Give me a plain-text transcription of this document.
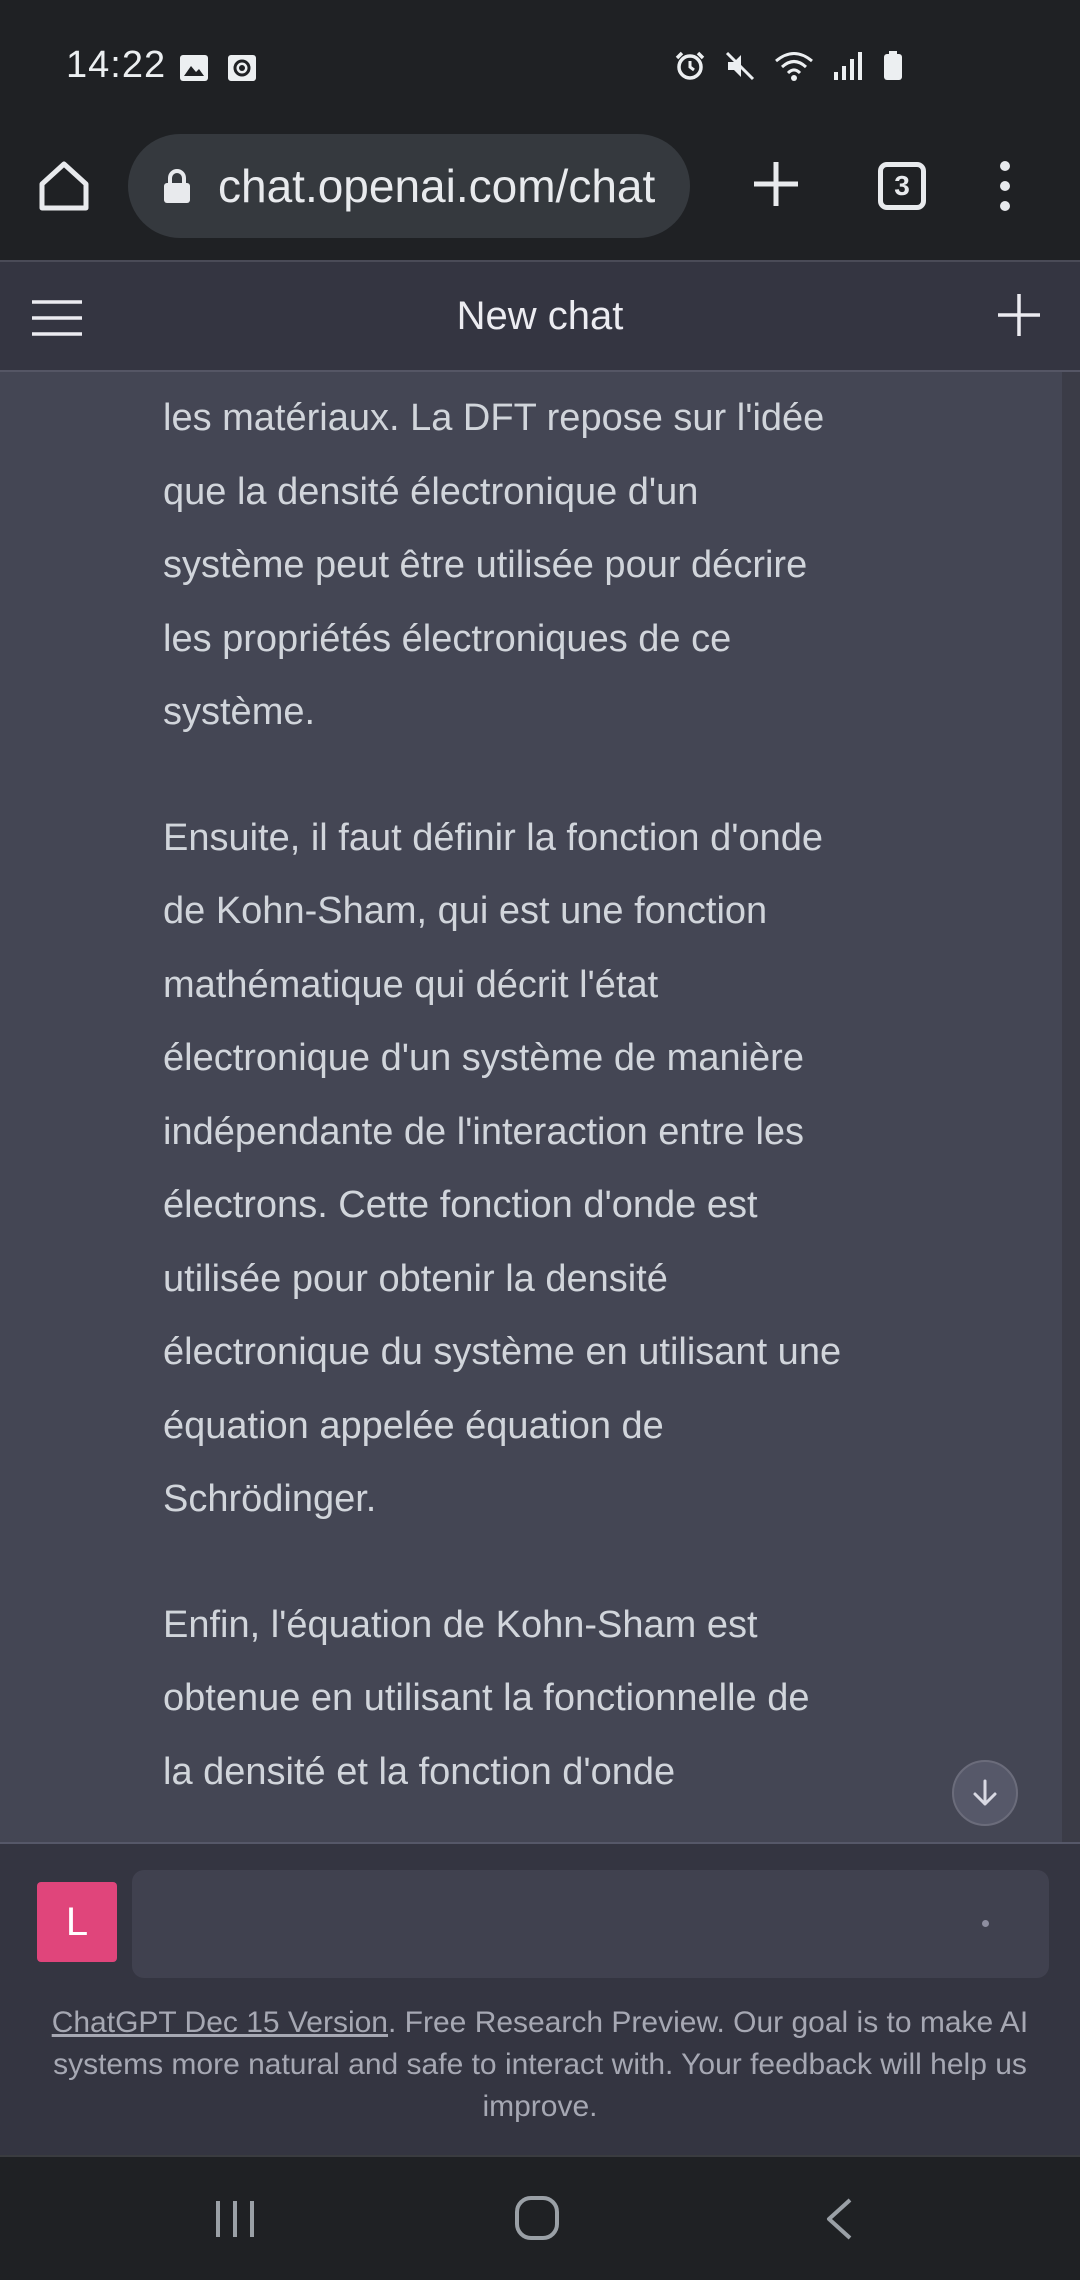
14:22
chat.openai.com/chat	3
New chat

les matériaux. La DFT repose sur l'idée que la densité électronique d'un système peut être utilisée pour décrire les propriétés électroniques de ce système.

Ensuite, il faut définir la fonction d'onde de Kohn-Sham, qui est une fonction mathématique qui décrit l'état électronique d'un système de manière indépendante de l'interaction entre les électrons. Cette fonction d'onde est utilisée pour obtenir la densité électronique du système en utilisant une équation appelée équation de Schrödinger.

Enfin, l'équation de Kohn-Sham est obtenue en utilisant la fonctionnelle de la densité et la fonction d'onde

L
ChatGPT Dec 15 Version. Free Research Preview. Our goal is to make AI systems more natural and safe to interact with. Your feedback will help us improve.
